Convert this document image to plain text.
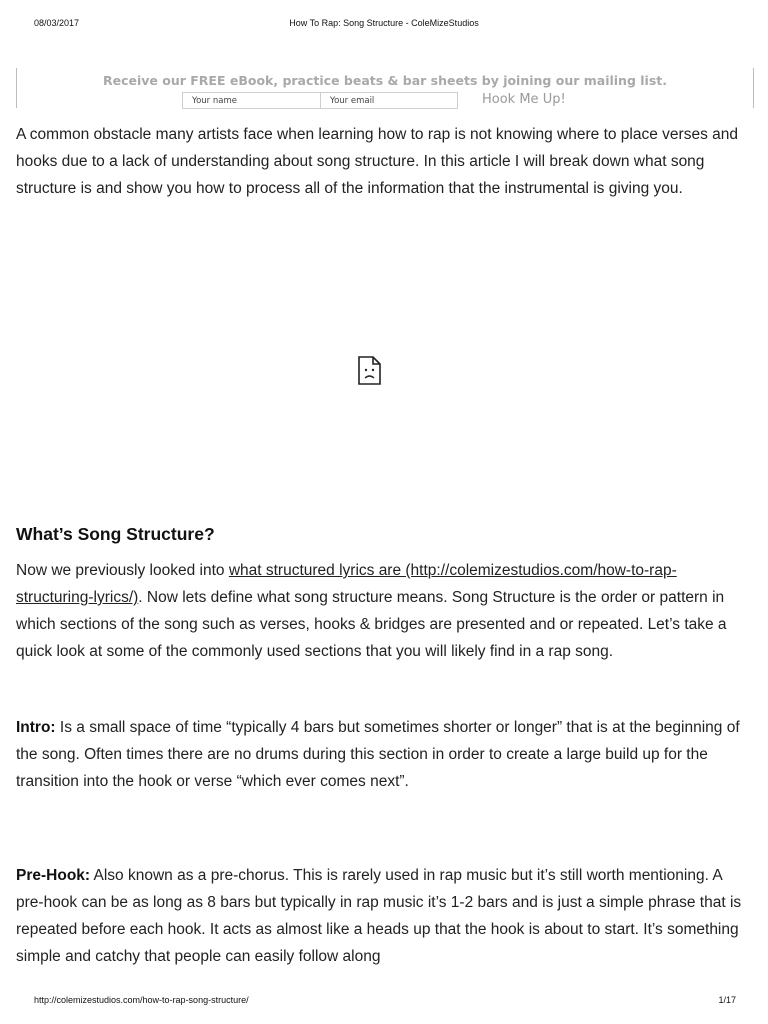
08/03/2017	How To Rap: Song Structure - ColeMizeStudios
Receive our FREE eBook, practice beats & bar sheets by joining our mailing list.
Your name	Your email	Hook Me Up!

A common obstacle many artists face when learning how to rap is not knowing where to place verses and hooks due to a lack of understanding about song structure. In this article I will break down what song structure is and show you how to process all of the information that the instrumental is giving you.

What’s Song Structure?

Now we previously looked into what structured lyrics are (http://colemizestudios.com/how-to-rap-structuring-lyrics/). Now lets define what song structure means. Song Structure is the order or pattern in which sections of the song such as verses, hooks & bridges are presented and or repeated. Let’s take a quick look at some of the commonly used sections that you will likely find in a rap song.

Intro: Is a small space of time “typically 4 bars but sometimes shorter or longer” that is at the beginning of the song. Often times there are no drums during this section in order to create a large build up for the transition into the hook or verse “which ever comes next”.

Pre-Hook: Also known as a pre-chorus. This is rarely used in rap music but it’s still worth mentioning. A pre-hook can be as long as 8 bars but typically in rap music it’s 1-2 bars and is just a simple phrase that is repeated before each hook. It acts as almost like a heads up that the hook is about to start. It’s something simple and catchy that people can easily follow along

http://colemizestudios.com/how-to-rap-song-structure/	1/17
